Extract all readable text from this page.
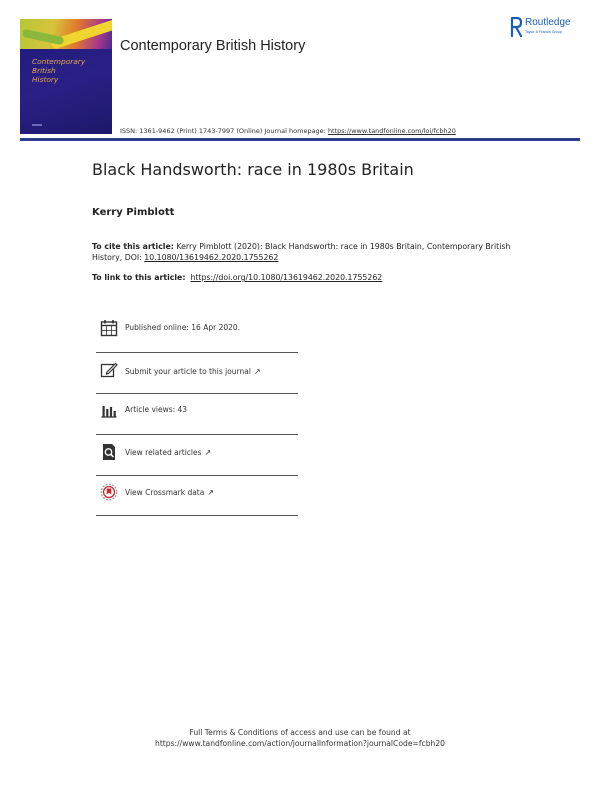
Contemporary
British
History
Contemporary British History
Routledge
Taylor & Francis Group
ISSN: 1361-9462 (Print) 1743-7997 (Online) Journal homepage: https://www.tandfonline.com/loi/fcbh20
Black Handsworth: race in 1980s Britain
Kerry Pimblott
To cite this article: Kerry Pimblott (2020): Black Handsworth: race in 1980s Britain, Contemporary British History, DOI: 10.1080/13619462.2020.1755262
To link to this article: https://doi.org/10.1080/13619462.2020.1755262
Published online: 16 Apr 2020.
Submit your article to this journal ↗
Article views: 43
View related articles ↗
View Crossmark data ↗
Full Terms & Conditions of access and use can be found at
https://www.tandfonline.com/action/journalInformation?journalCode=fcbh20
